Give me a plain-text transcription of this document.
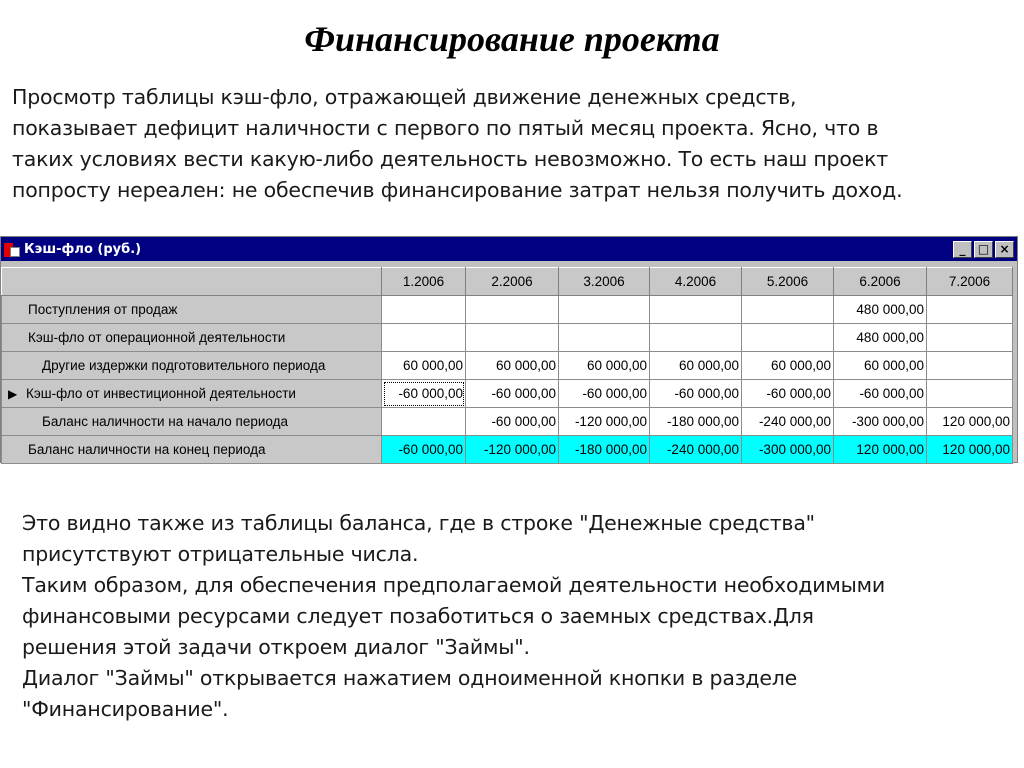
Финансирование проекта
Просмотр таблицы кэш-фло, отражающей движение денежных средств,
показывает дефицит наличности с первого по пятый месяц проекта. Ясно, что в
таких условиях вести какую-либо деятельность невозможно. То есть наш проект
попросту нереален: не обеспечив финансирование затрат нельзя получить доход.
Кэш-фло (руб.)	_	□ ×
	1.2006	2.2006	3.2006	4.2006	5.2006	6.2006	7.2006
Поступления от продаж						480 000,00	
Кэш-фло от операционной деятельности						480 000,00	
Другие издержки подготовительного периода	60 000,00	60 000,00	60 000,00	60 000,00	60 000,00	60 000,00	
▶ Кэш-фло от инвестиционной деятельности	-60 000,00	-60 000,00	-60 000,00	-60 000,00	-60 000,00	-60 000,00	
Баланс наличности на начало периода		-60 000,00	-120 000,00	-180 000,00	-240 000,00	-300 000,00	120 000,00
Баланс наличности на конец периода	-60 000,00	-120 000,00	-180 000,00	-240 000,00	-300 000,00	120 000,00	120 000,00
Это видно также из таблицы баланса, где в строке "Денежные средства"
присутствуют отрицательные числа.
Таким образом, для обеспечения предполагаемой деятельности необходимыми
финансовыми ресурсами следует позаботиться о заемных средствах.Для
решения этой задачи откроем диалог "Займы".
Диалог "Займы" открывается нажатием одноименной кнопки в разделе
"Финансирование".
